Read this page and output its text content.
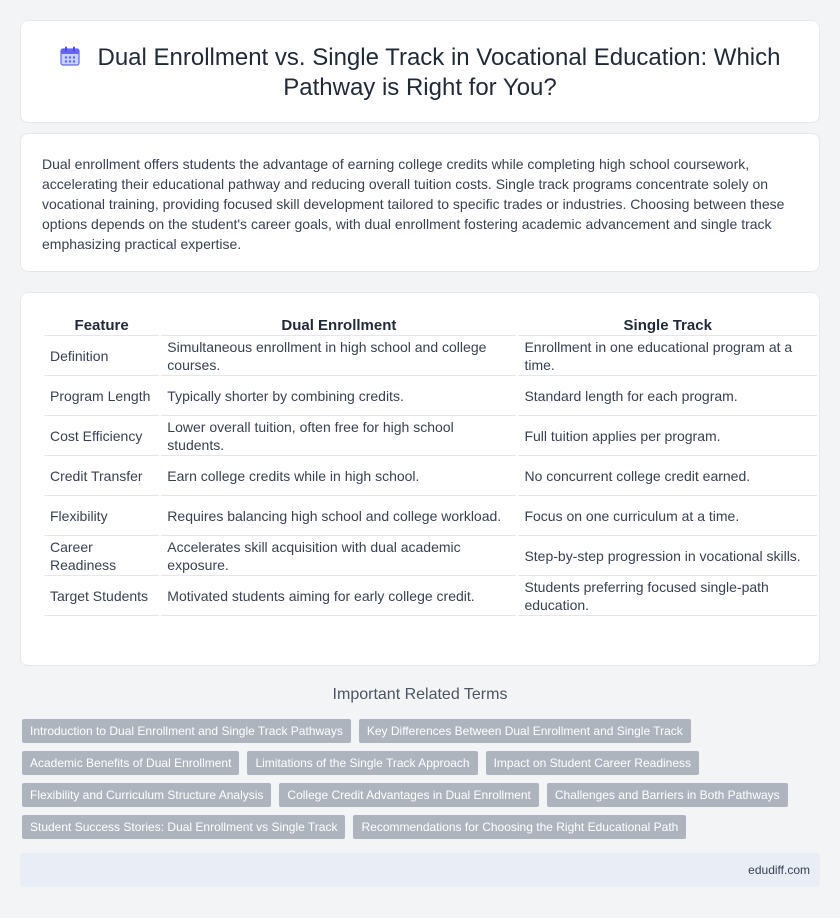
Dual Enrollment vs. Single Track in Vocational Education: Which Pathway is Right for You?

Dual enrollment offers students the advantage of earning college credits while completing high school coursework, accelerating their educational pathway and reducing overall tuition costs. Single track programs concentrate solely on vocational training, providing focused skill development tailored to specific trades or industries. Choosing between these options depends on the student's career goals, with dual enrollment fostering academic advancement and single track emphasizing practical expertise.

Feature	Dual Enrollment	Single Track
Definition	Simultaneous enrollment in high school and college courses.	Enrollment in one educational program at a time.
Program Length	Typically shorter by combining credits.	Standard length for each program.
Cost Efficiency	Lower overall tuition, often free for high school students.	Full tuition applies per program.
Credit Transfer	Earn college credits while in high school.	No concurrent college credit earned.
Flexibility	Requires balancing high school and college workload.	Focus on one curriculum at a time.
Career Readiness	Accelerates skill acquisition with dual academic exposure.	Step-by-step progression in vocational skills.
Target Students	Motivated students aiming for early college credit.	Students preferring focused single-path education.
Important Related Terms
Introduction to Dual Enrollment and Single Track Pathways	Key Differences Between Dual Enrollment and Single Track
Academic Benefits of Dual Enrollment	Limitations of the Single Track Approach	Impact on Student Career Readiness
Flexibility and Curriculum Structure Analysis	College Credit Advantages in Dual Enrollment	Challenges and Barriers in Both Pathways
Student Success Stories: Dual Enrollment vs Single Track	Recommendations for Choosing the Right Educational Path
edudiff.com
